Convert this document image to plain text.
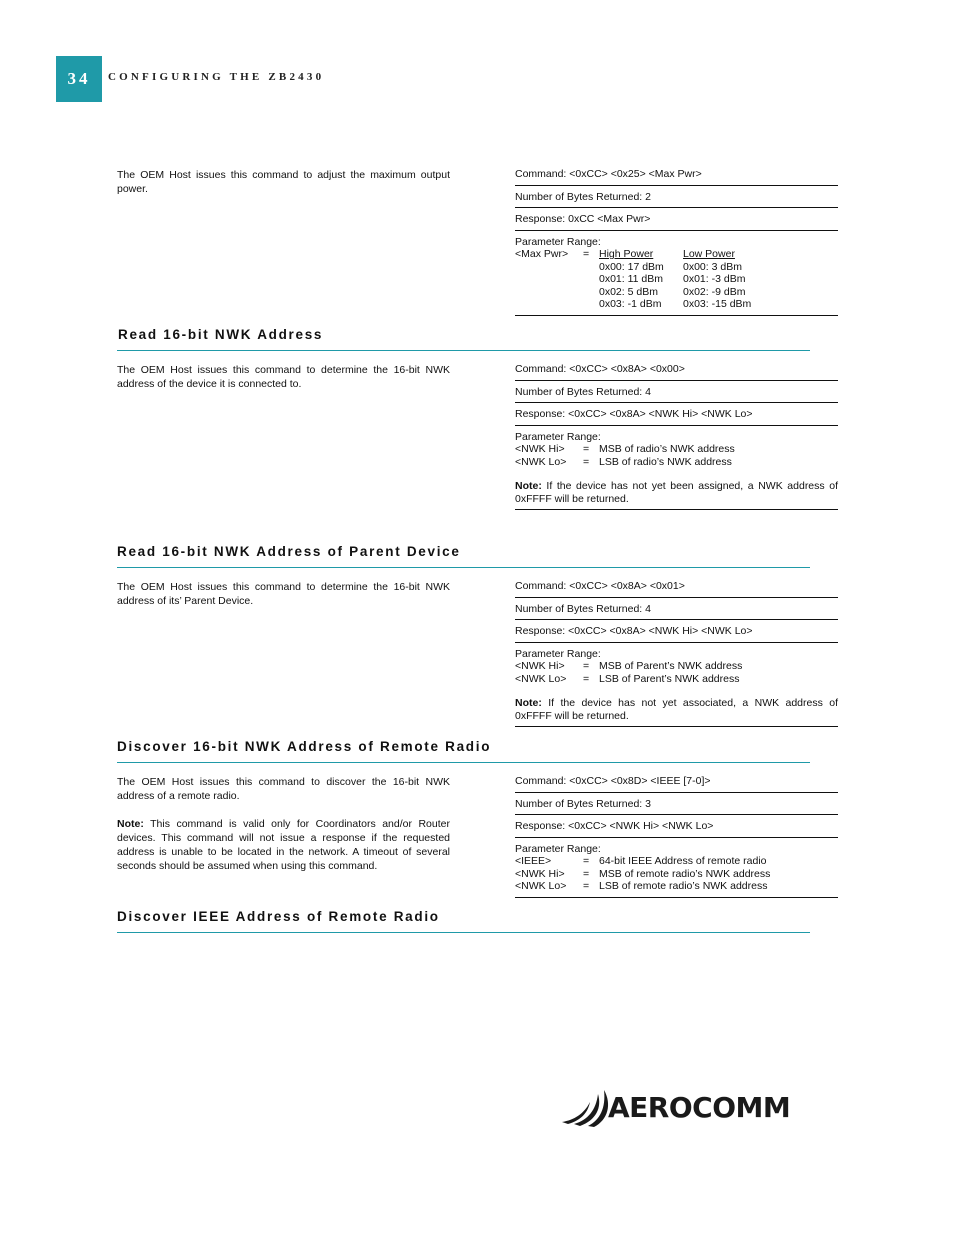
34	CONFIGURING THE ZB2430
The OEM Host issues this command to adjust the maximum output power.
Command: <0xCC> <0x25> <Max Pwr>
Number of Bytes Returned: 2
Response: 0xCC <Max Pwr>
Parameter Range:
<Max Pwr>	= High Power	Low Power
0x00: 17 dBm	0x00: 3 dBm
0x01: 11 dBm	0x01: -3 dBm
0x02: 5 dBm	0x02: -9 dBm
0x03: -1 dBm	0x03: -15 dBm
Read 16-bit NWK Address
The OEM Host issues this command to determine the 16-bit NWK address of the device it is connected to.
Command: <0xCC> <0x8A> <0x00>
Number of Bytes Returned: 4
Response: <0xCC> <0x8A> <NWK Hi> <NWK Lo>
Parameter Range:
<NWK Hi>	= MSB of radio’s NWK address
<NWK Lo>	= LSB of radio’s NWK address
Note: If the device has not yet been assigned, a NWK address of 0xFFFF will be returned.
Read 16-bit NWK Address of Parent Device
The OEM Host issues this command to determine the 16-bit NWK address of its’ Parent Device.
Command: <0xCC> <0x8A> <0x01>
Number of Bytes Returned: 4
Response: <0xCC> <0x8A> <NWK Hi> <NWK Lo>
Parameter Range:
<NWK Hi>	= MSB of Parent’s NWK address
<NWK Lo>	= LSB of Parent’s NWK address
Note: If the device has not yet associated, a NWK address of 0xFFFF will be returned.
Discover 16-bit NWK Address of Remote Radio
The OEM Host issues this command to discover the 16-bit NWK address of a remote radio.
Note: This command is valid only for Coordinators and/or Router devices. This command will not issue a response if the requested address is unable to be located in the network. A timeout of several seconds should be assumed when using this command.
Command: <0xCC> <0x8D> <IEEE [7-0]>
Number of Bytes Returned: 3
Response: <0xCC> <NWK Hi> <NWK Lo>
Parameter Range:
<IEEE>	= 64-bit IEEE Address of remote radio
<NWK Hi>	= MSB of remote radio’s NWK address
<NWK Lo>	= LSB of remote radio’s NWK address
Discover IEEE Address of Remote Radio
AEROCOMM
